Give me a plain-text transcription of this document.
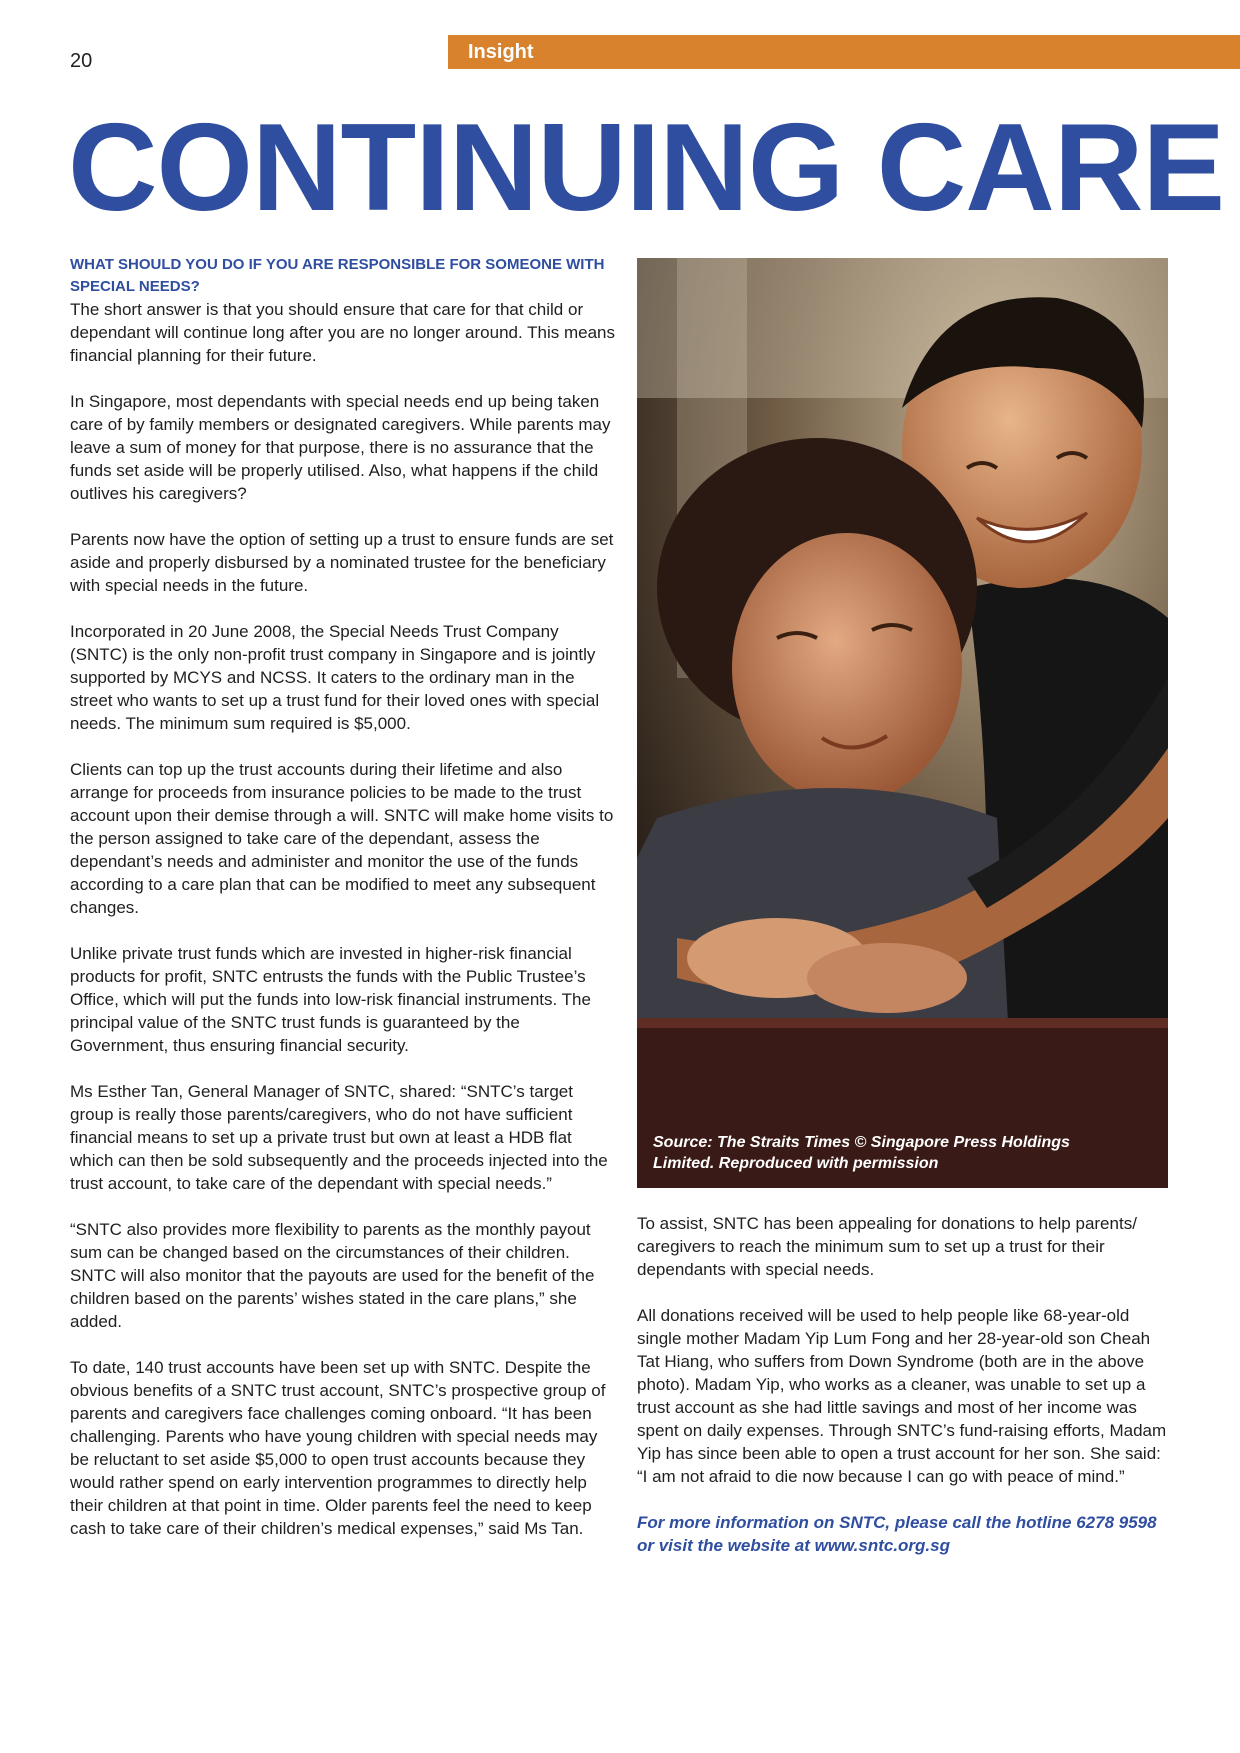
20	Insight
CONTINUING CARE
WHAT SHOULD YOU DO IF YOU ARE RESPONSIBLE FOR SOMEONE WITH SPECIAL NEEDS?

The short answer is that you should ensure that care for that child or dependant will continue long after you are no longer around. This means financial planning for their future.

In Singapore, most dependants with special needs end up being taken care of by family members or designated caregivers. While parents may leave a sum of money for that purpose, there is no assurance that the funds set aside will be properly utilised. Also, what happens if the child outlives his caregivers?

Parents now have the option of setting up a trust to ensure funds are set aside and properly disbursed by a nominated trustee for the beneficiary with special needs in the future.

Incorporated in 20 June 2008, the Special Needs Trust Company (SNTC) is the only non-profit trust company in Singapore and is jointly supported by MCYS and NCSS. It caters to the ordinary man in the street who wants to set up a trust fund for their loved ones with special needs. The minimum sum required is $5,000.

Clients can top up the trust accounts during their lifetime and also arrange for proceeds from insurance policies to be made to the trust account upon their demise through a will. SNTC will make home visits to the person assigned to take care of the dependant, assess the dependant’s needs and administer and monitor the use of the funds according to a care plan that can be modified to meet any subsequent changes.

Unlike private trust funds which are invested in higher-risk financial products for profit, SNTC entrusts the funds with the Public Trustee’s Office, which will put the funds into low-risk financial instruments. The principal value of the SNTC trust funds is guaranteed by the Government, thus ensuring financial security.

Ms Esther Tan, General Manager of SNTC, shared: “SNTC’s target group is really those parents/caregivers, who do not have sufficient financial means to set up a private trust but own at least a HDB flat which can then be sold subsequently and the proceeds injected into the trust account, to take care of the dependant with special needs.”

“SNTC also provides more flexibility to parents as the monthly payout sum can be changed based on the circumstances of their children. SNTC will also monitor that the payouts are used for the benefit of the children based on the parents’ wishes stated in the care plans,” she added.

To date, 140 trust accounts have been set up with SNTC. Despite the obvious benefits of a SNTC trust account, SNTC’s prospective group of parents and caregivers face challenges coming onboard. “It has been challenging. Parents who have young children with special needs may be reluctant to set aside $5,000 to open trust accounts because they would rather spend on early intervention programmes to directly help their children at that point in time. Older parents feel the need to keep cash to take care of their children’s medical expenses,” said Ms Tan.

Source: The Straits Times © Singapore Press Holdings Limited. Reproduced with permission

To assist, SNTC has been appealing for donations to help parents/ caregivers to reach the minimum sum to set up a trust for their dependants with special needs.

All donations received will be used to help people like 68-year-old single mother Madam Yip Lum Fong and her 28-year-old son Cheah Tat Hiang, who suffers from Down Syndrome (both are in the above photo). Madam Yip, who works as a cleaner, was unable to set up a trust account as she had little savings and most of her income was spent on daily expenses. Through SNTC’s fund-raising efforts, Madam Yip has since been able to open a trust account for her son. She said: “I am not afraid to die now because I can go with peace of mind.”

For more information on SNTC, please call the hotline 6278 9598 or visit the website at www.sntc.org.sg
